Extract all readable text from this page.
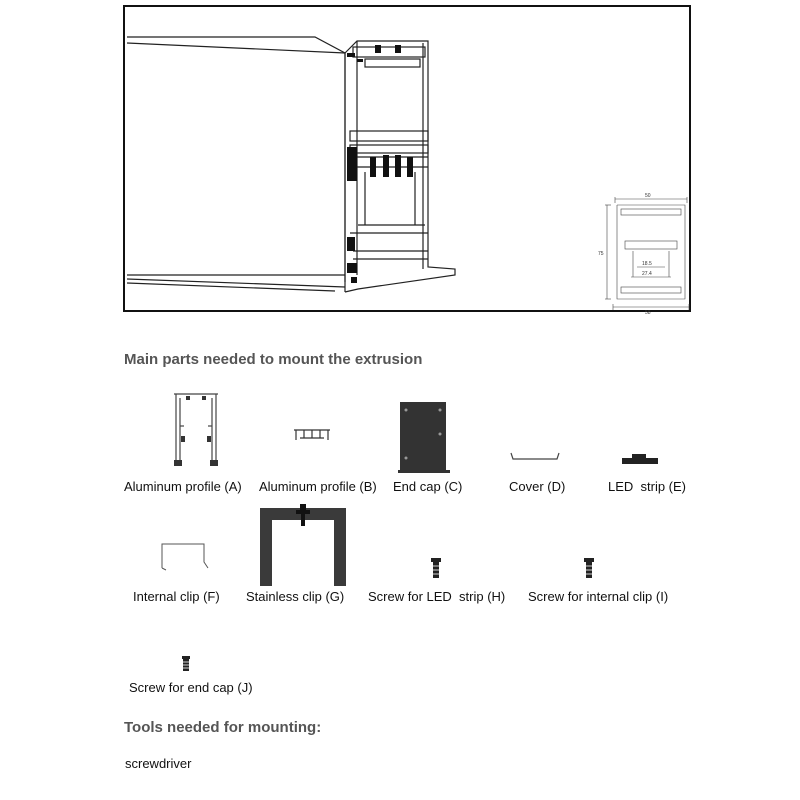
50
75
18.5
27.4
58
Main parts needed to mount the extrusion
Aluminum profile (A) Aluminum profile (B) End cap (C)	Cover (D)	LED  strip (E)
Internal clip (F) Stainless clip (G) Screw for LED  strip (H) Screw for internal clip (I)
Screw for end cap (J)
Tools needed for mounting:
screwdriver
